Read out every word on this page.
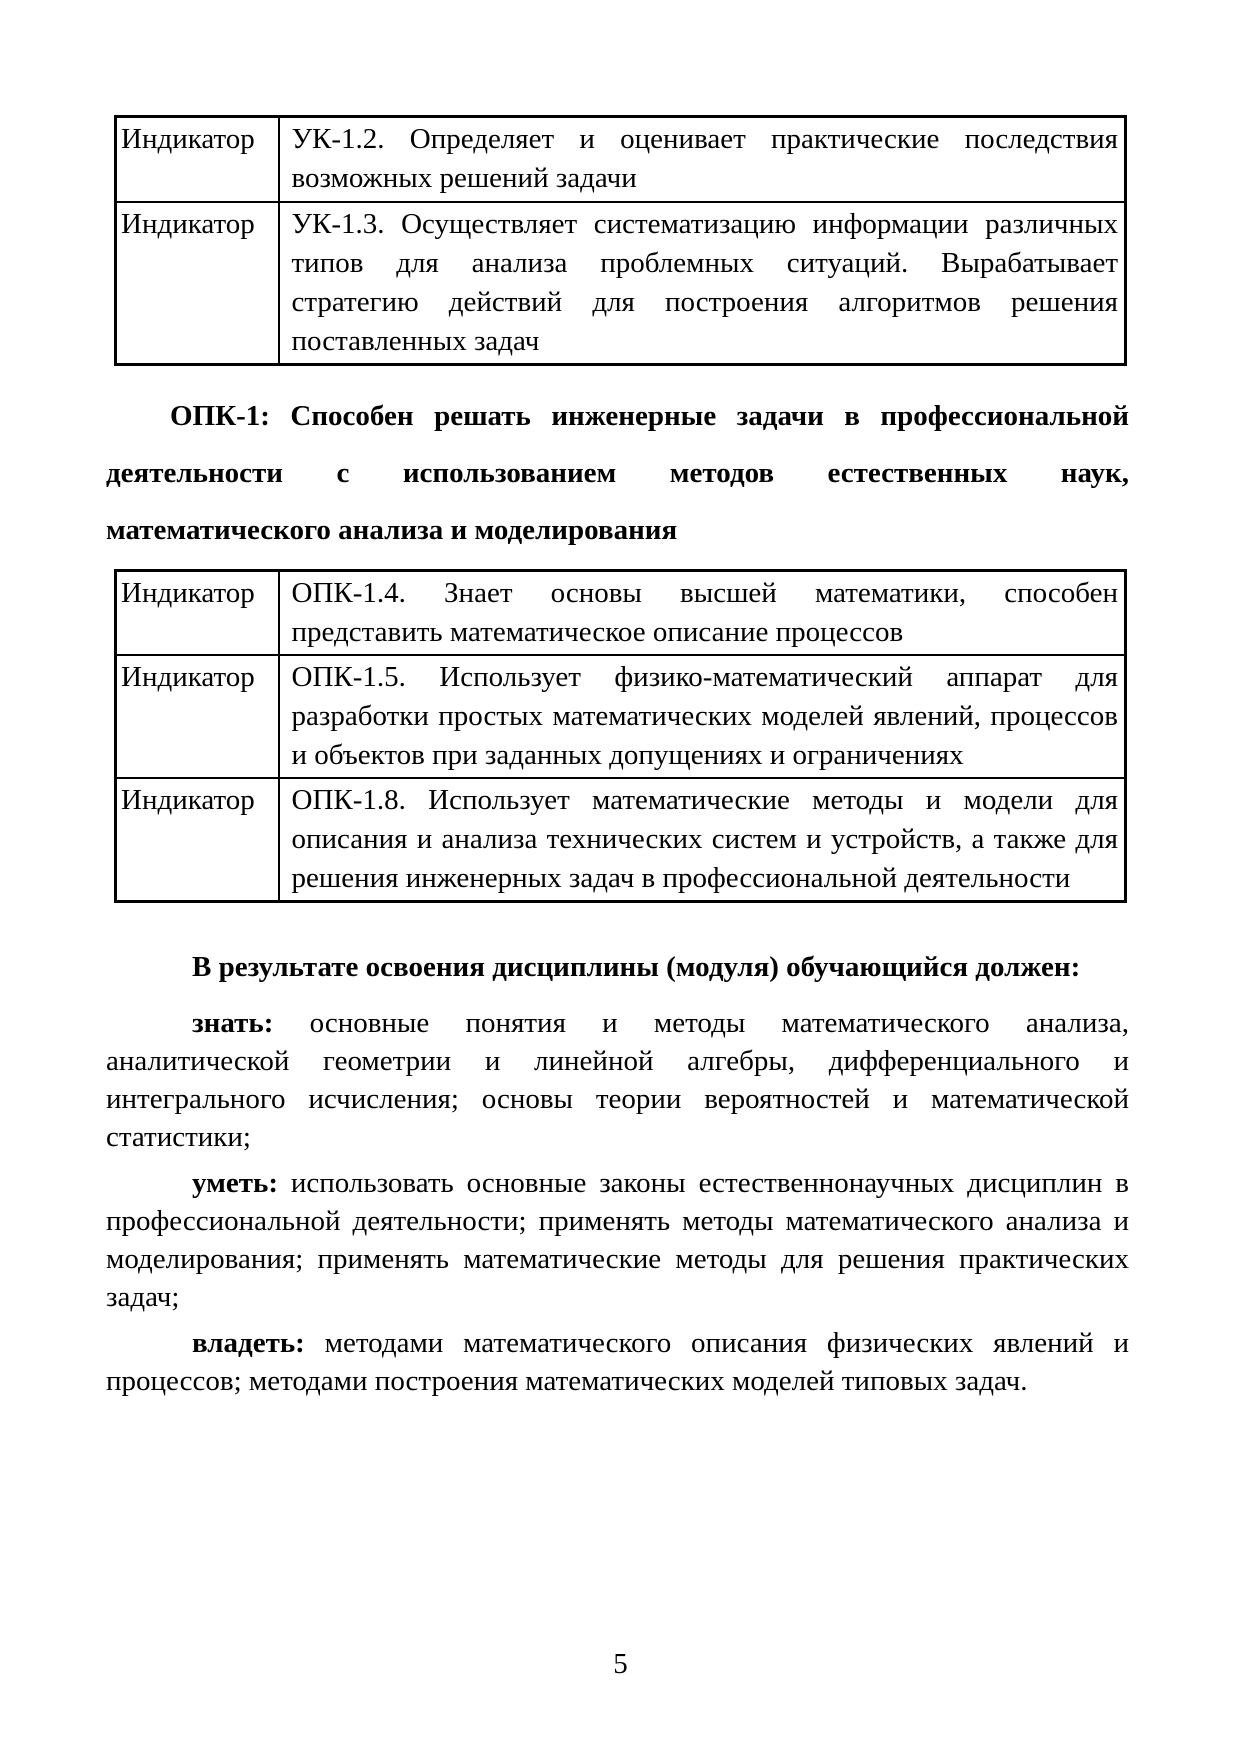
Индикатор	УК-1.2. Определяет и оценивает практические последствия возможных решений задачи
Индикатор	УК-1.3. Осуществляет систематизацию информации различных типов для анализа проблемных ситуаций. Вырабатывает стратегию действий для построения алгоритмов решения поставленных задач

ОПК-1: Способен решать инженерные задачи в профессиональной деятельности с использованием методов естественных наук, математического анализа и моделирования

Индикатор	ОПК-1.4. Знает основы высшей математики, способен представить математическое описание процессов
Индикатор	ОПК-1.5. Использует физико-математический аппарат для разработки простых математических моделей явлений, процессов и объектов при заданных допущениях и ограничениях
Индикатор	ОПК-1.8. Использует математические методы и модели для описания и анализа технических систем и устройств, а также для решения инженерных задач в профессиональной деятельности

В результате освоения дисциплины (модуля) обучающийся должен:

знать: основные понятия и методы математического анализа, аналитической геометрии и линейной алгебры, дифференциального и интегрального исчисления; основы теории вероятностей и математической статистики;

уметь: использовать основные законы естественнонаучных дисциплин в профессиональной деятельности; применять методы математического анализа и моделирования; применять математические методы для решения практических задач;

владеть: методами математического описания физических явлений и процессов; методами построения математических моделей типовых задач.

5
